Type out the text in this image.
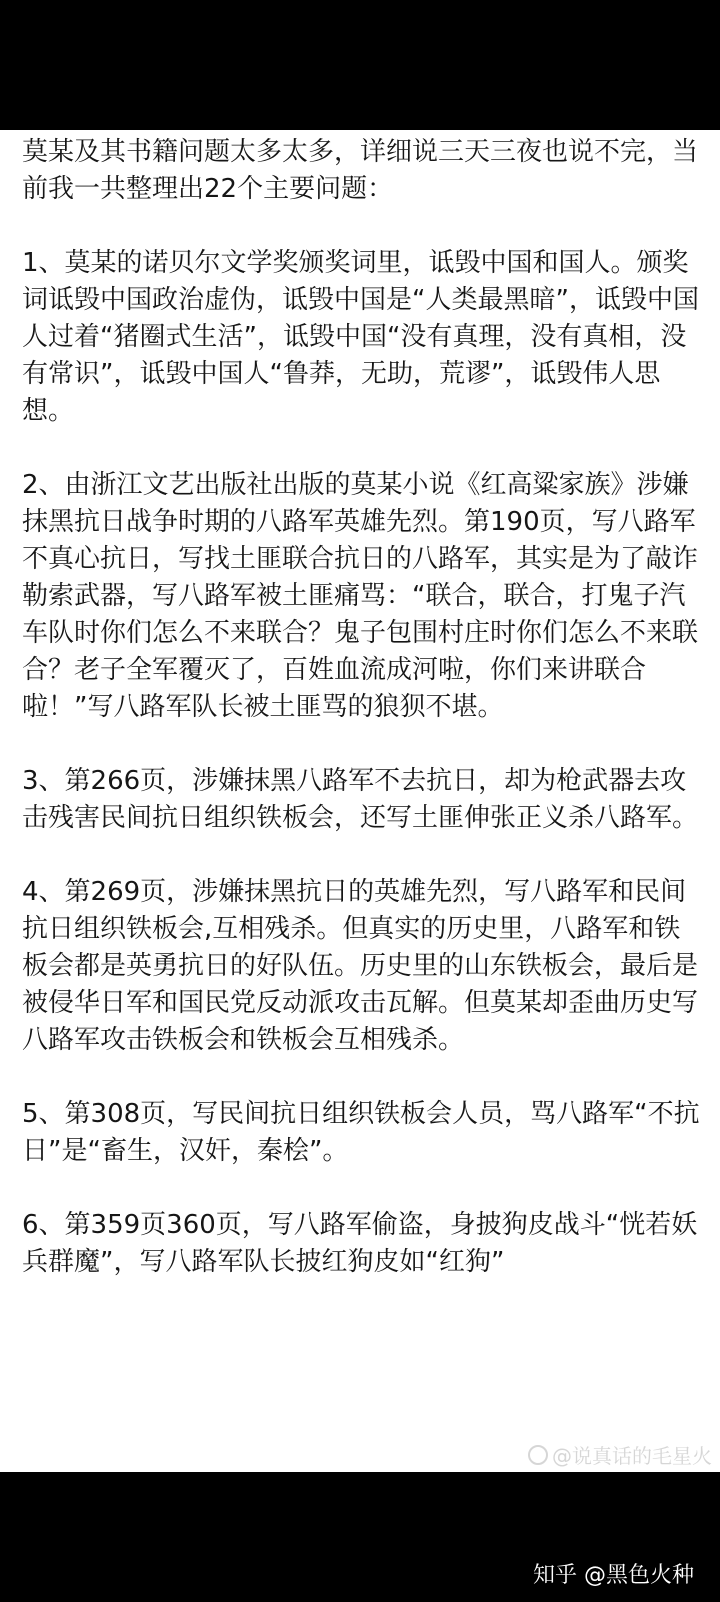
莫某及其书籍问题太多太多，详细说三天三夜也说不完，当前我一共整理出22个主要问题：

1、莫某的诺贝尔文学奖颁奖词里，诋毁中国和国人。颁奖词诋毁中国政治虚伪，诋毁中国是“人类最黑暗”，诋毁中国人过着“猪圈式生活”，诋毁中国“没有真理，没有真相，没有常识”，诋毁中国人“鲁莽，无助，荒谬”，诋毁伟人思想。

2、由浙江文艺出版社出版的莫某小说《红高粱家族》涉嫌抹黑抗日战争时期的八路军英雄先烈。第190页，写八路军不真心抗日，写找土匪联合抗日的八路军，其实是为了敲诈勒索武器，写八路军被土匪痛骂：“联合，联合，打鬼子汽车队时你们怎么不来联合？鬼子包围村庄时你们怎么不来联合？老子全军覆灭了，百姓血流成河啦，你们来讲联合啦！”写八路军队长被土匪骂的狼狈不堪。

3、第266页，涉嫌抹黑八路军不去抗日，却为枪武器去攻击残害民间抗日组织铁板会，还写土匪伸张正义杀八路军。

4、第269页，涉嫌抹黑抗日的英雄先烈，写八路军和民间抗日组织铁板会,互相残杀。但真实的历史里，八路军和铁板会都是英勇抗日的好队伍。历史里的山东铁板会，最后是被侵华日军和国民党反动派攻击瓦解。但莫某却歪曲历史写八路军攻击铁板会和铁板会互相残杀。

5、第308页，写民间抗日组织铁板会人员，骂八路军“不抗日”是“畜生，汉奸，秦桧”。

6、第359页360页，写八路军偷盗，身披狗皮战斗“恍若妖兵群魔”，写八路军队长披红狗皮如“红狗”

@说真话的毛星火
知乎 @黑色火种
